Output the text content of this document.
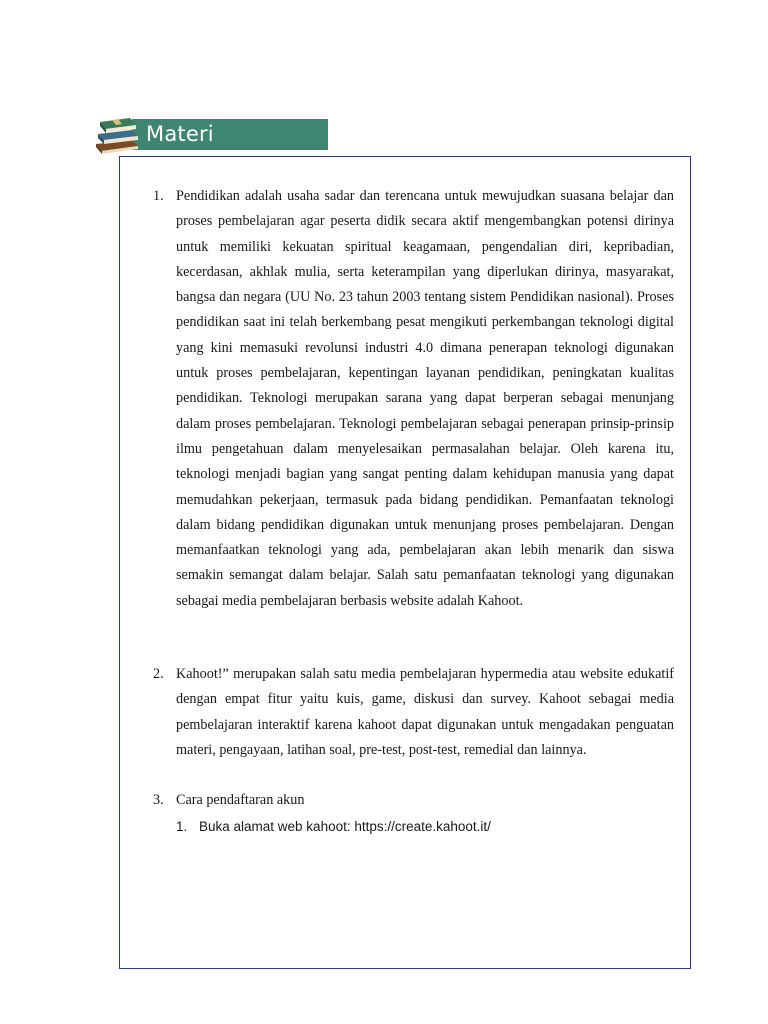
Materi
1. Pendidikan adalah usaha sadar dan terencana untuk mewujudkan suasana belajar dan proses pembelajaran agar peserta didik secara aktif mengembangkan potensi dirinya untuk memiliki kekuatan spiritual keagamaan, pengendalian diri, kepribadian, kecerdasan, akhlak mulia, serta keterampilan yang diperlukan dirinya, masyarakat, bangsa dan negara (UU No. 23 tahun 2003 tentang sistem Pendidikan nasional). Proses pendidikan saat ini telah berkembang pesat mengikuti perkembangan teknologi digital yang kini memasuki revolunsi industri 4.0 dimana penerapan teknologi digunakan untuk proses pembelajaran, kepentingan layanan pendidikan, peningkatan kualitas pendidikan. Teknologi merupakan sarana yang dapat berperan sebagai menunjang dalam proses pembelajaran. Teknologi pembelajaran sebagai penerapan prinsip-prinsip ilmu pengetahuan dalam menyelesaikan permasalahan belajar. Oleh karena itu, teknologi menjadi bagian yang sangat penting dalam kehidupan manusia yang dapat memudahkan pekerjaan, termasuk pada bidang pendidikan. Pemanfaatan teknologi dalam bidang pendidikan digunakan untuk menunjang proses pembelajaran. Dengan memanfaatkan teknologi yang ada, pembelajaran akan lebih menarik dan siswa semakin semangat dalam belajar. Salah satu pemanfaatan teknologi yang digunakan sebagai media pembelajaran berbasis website adalah Kahoot.
2. Kahoot!” merupakan salah satu media pembelajaran hypermedia atau website edukatif dengan empat fitur yaitu kuis, game, diskusi dan survey. Kahoot sebagai media pembelajaran interaktif karena kahoot dapat digunakan untuk mengadakan penguatan materi, pengayaan, latihan soal, pre-test, post-test, remedial dan lainnya.
3. Cara pendaftaran akun
1. Buka alamat web kahoot: https://create.kahoot.it/
